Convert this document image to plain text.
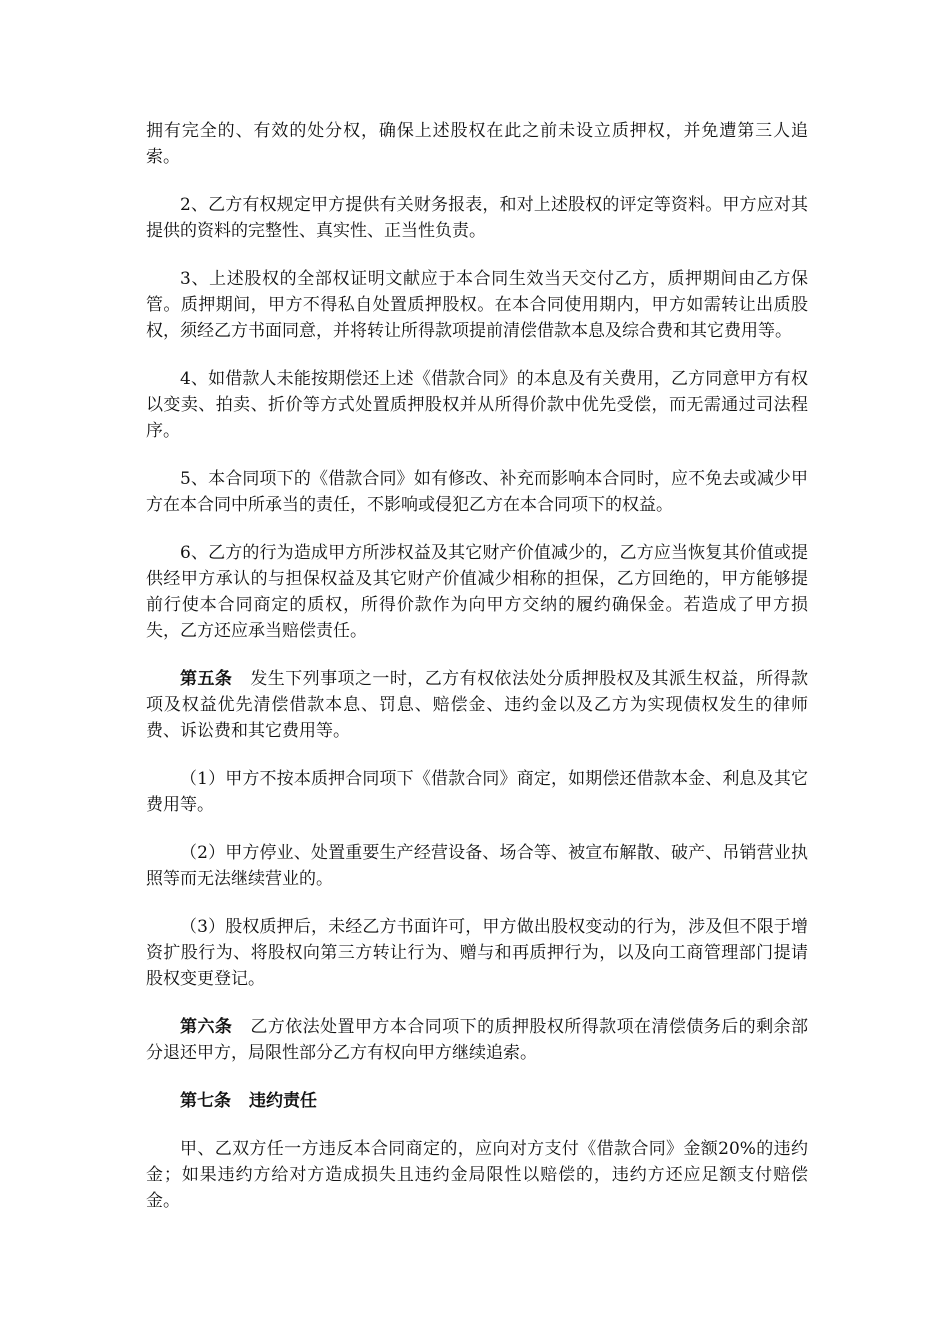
拥有完全的、有效的处分权，确保上述股权在此之前未设立质押权，并免遭第三人追索。

2、乙方有权规定甲方提供有关财务报表，和对上述股权的评定等资料。甲方应对其提供的资料的完整性、真实性、正当性负责。

3、上述股权的全部权证明文献应于本合同生效当天交付乙方，质押期间由乙方保管。质押期间，甲方不得私自处置质押股权。在本合同使用期内，甲方如需转让出质股权，须经乙方书面同意，并将转让所得款项提前清偿借款本息及综合费和其它费用等。

4、如借款人未能按期偿还上述《借款合同》的本息及有关费用，乙方同意甲方有权以变卖、拍卖、折价等方式处置质押股权并从所得价款中优先受偿，而无需通过司法程序。

5、本合同项下的《借款合同》如有修改、补充而影响本合同时，应不免去或减少甲方在本合同中所承当的责任，不影响或侵犯乙方在本合同项下的权益。

6、乙方的行为造成甲方所涉权益及其它财产价值减少的，乙方应当恢复其价值或提供经甲方承认的与担保权益及其它财产价值减少相称的担保，乙方回绝的，甲方能够提前行使本合同商定的质权，所得价款作为向甲方交纳的履约确保金。若造成了甲方损失，乙方还应承当赔偿责任。

第五条 发生下列事项之一时，乙方有权依法处分质押股权及其派生权益，所得款项及权益优先清偿借款本息、罚息、赔偿金、违约金以及乙方为实现债权发生的律师费、诉讼费和其它费用等。

（1）甲方不按本质押合同项下《借款合同》商定，如期偿还借款本金、利息及其它费用等。

（2）甲方停业、处置重要生产经营设备、场合等、被宣布解散、破产、吊销营业执照等而无法继续营业的。

（3）股权质押后，未经乙方书面许可，甲方做出股权变动的行为，涉及但不限于增资扩股行为、将股权向第三方转让行为、赠与和再质押行为，以及向工商管理部门提请股权变更登记。

第六条 乙方依法处置甲方本合同项下的质押股权所得款项在清偿债务后的剩余部分退还甲方，局限性部分乙方有权向甲方继续追索。

第七条 违约责任

甲、乙双方任一方违反本合同商定的，应向对方支付《借款合同》金额20%的违约金；如果违约方给对方造成损失且违约金局限性以赔偿的，违约方还应足额支付赔偿金。
